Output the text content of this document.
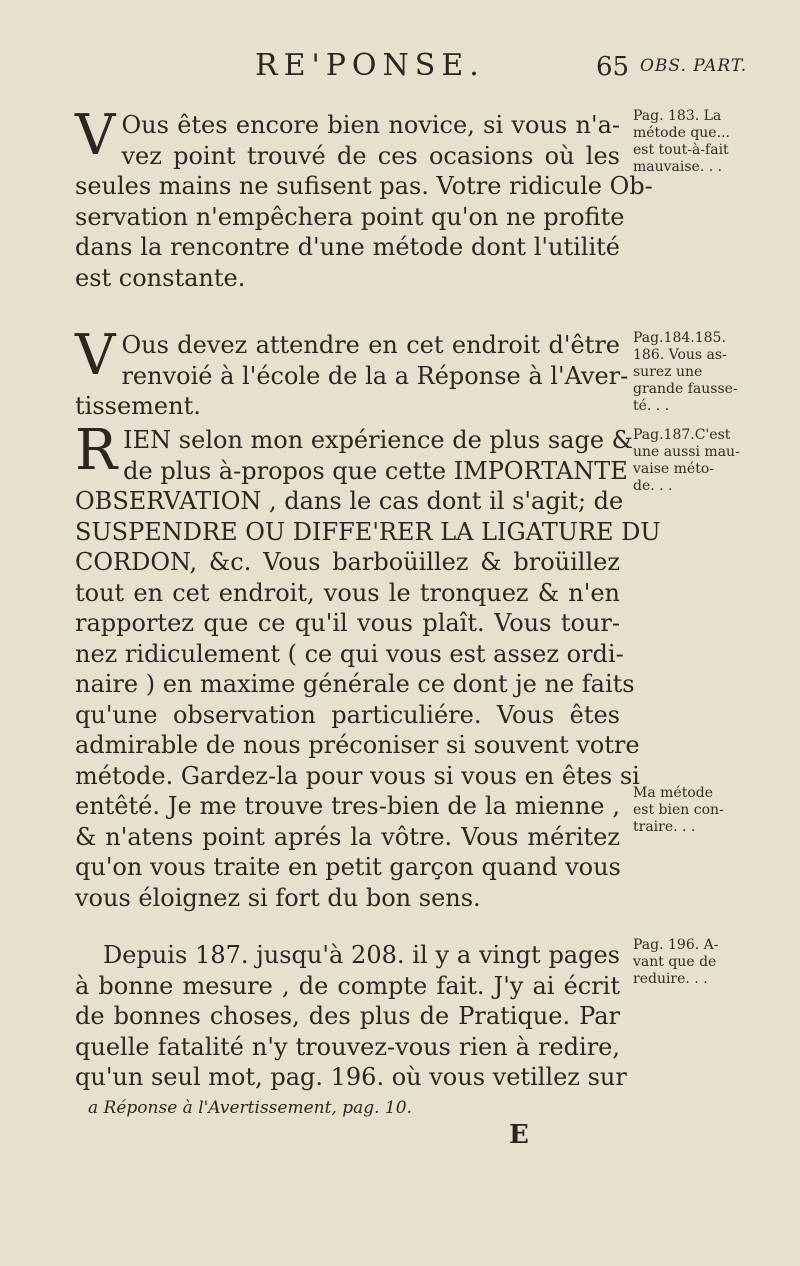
RE'PONSE.	65 OBS. PART.
V Ous êtes encore bien novice, si vous n'a-
vez point trouvé de ces ocasions où les
seules mains ne sufisent pas. Votre ridicule Ob-
servation n'empêchera point qu'on ne profite
dans la rencontre d'une métode dont l'utilité
est constante.
V Ous devez attendre en cet endroit d'être
renvoié à l'école de la a Réponse à l'Aver-
tissement.
R IEN selon mon expérience de plus sage &
de plus à-propos que cette IMPORTANTE
OBSERVATION , dans le cas dont il s'agit; de
SUSPENDRE OU DIFFE'RER LA LIGATURE DU
CORDON, &c. Vous barboüillez & broüillez
tout en cet endroit, vous le tronquez & n'en
rapportez que ce qu'il vous plaît. Vous tour-
nez ridiculement ( ce qui vous est assez ordi-
naire ) en maxime générale ce dont je ne faits
qu'une observation particuliére. Vous êtes
admirable de nous préconiser si souvent votre
métode. Gardez-la pour vous si vous en êtes si
entêté. Je me trouve tres-bien de la mienne ,
& n'atens point aprés la vôtre. Vous méritez
qu'on vous traite en petit garçon quand vous
vous éloignez si fort du bon sens.
Depuis 187. jusqu'à 208. il y a vingt pages
à bonne mesure , de compte fait. J'y ai écrit
de bonnes choses, des plus de Pratique. Par
quelle fatalité n'y trouvez-vous rien à redire,
qu'un seul mot, pag. 196. où vous vetillez sur
Pag. 183. La
métode que...
est tout-à-fait
mauvaise. . .
Pag.184.185.
186. Vous as-
surez une
grande fausse-
té. . .
Pag.187.C'est
une aussi mau-
vaise méto-
de. . .
Ma métode
est bien con-
traire. . .
Pag. 196. A-
vant que de
reduire. . .
a Réponse à l'Avertissement, pag. 10.
E
